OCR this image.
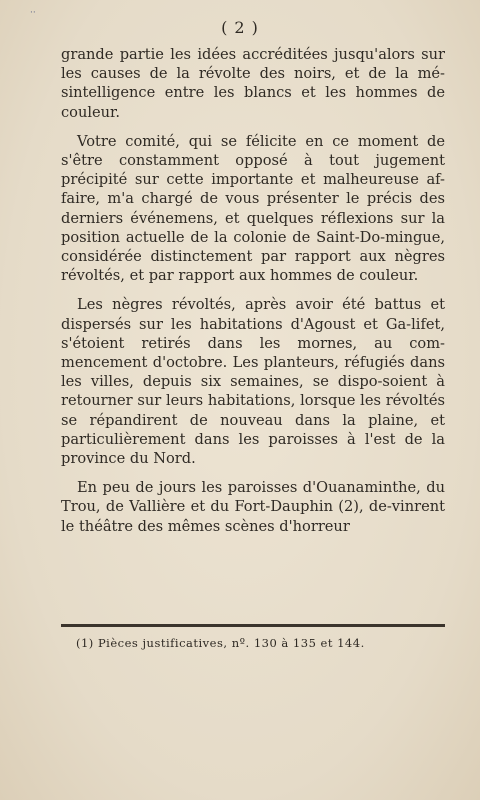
··
( 2 )

grande partie les idées accréditées jusqu'alors sur les causes de la révolte des noirs, et de la mé-sintelligence entre les blancs et les hommes de couleur.

Votre comité, qui se félicite en ce moment de s'être constamment opposé à tout jugement précipité sur cette importante et malheureuse af-faire, m'a chargé de vous présenter le précis des derniers événemens, et quelques réflexions sur la position actuelle de la colonie de Saint-Do-mingue, considérée distinctement par rapport aux nègres révoltés, et par rapport aux hommes de couleur.

Les nègres révoltés, après avoir été battus et dispersés sur les habitations d'Agoust et Ga-lifet, s'étoient retirés dans les mornes, au com-mencement d'octobre. Les planteurs, réfugiés dans les villes, depuis six semaines, se dispo-soient à retourner sur leurs habitations, lorsque les révoltés se répandirent de nouveau dans la plaine, et particulièrement dans les paroisses à l'est de la province du Nord.

En peu de jours les paroisses d'Ouanaminthe, du Trou, de Vallière et du Fort-Dauphin (2), de-vinrent le théâtre des mêmes scènes d'horreur

(1) Pièces justificatives, nº. 130 à 135 et 144.
